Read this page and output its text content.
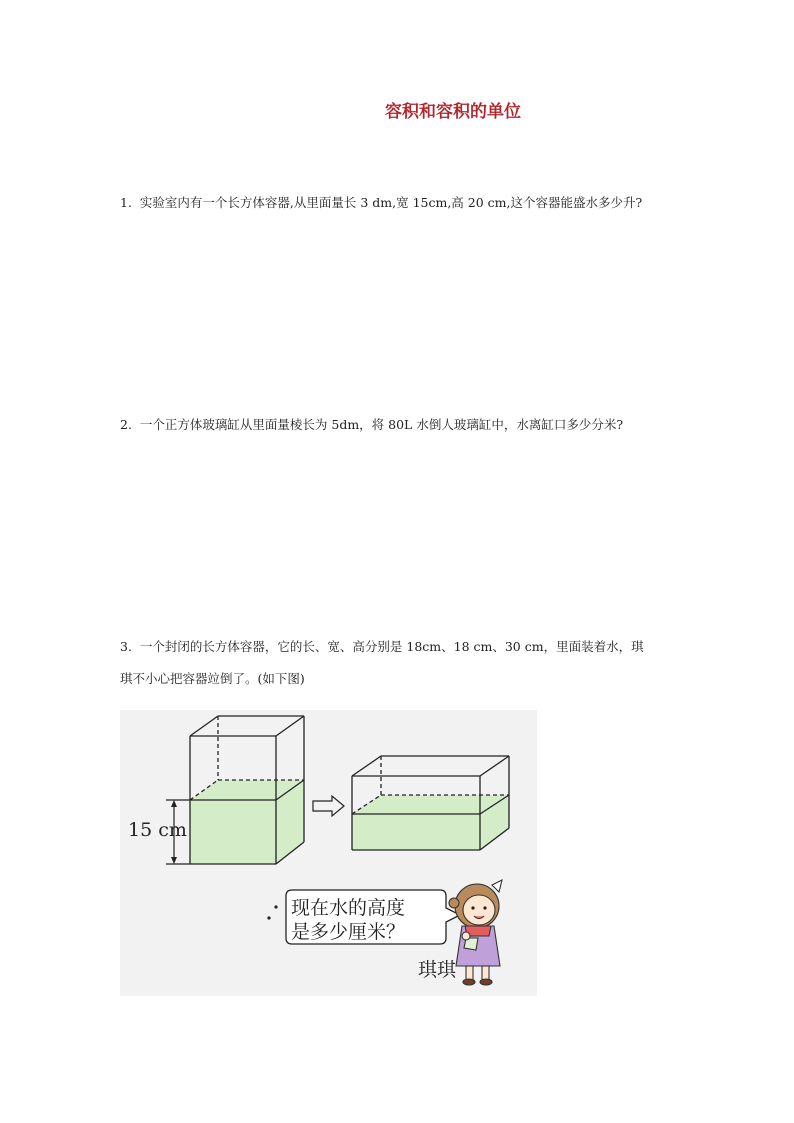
容积和容积的单位
1. 实验室内有一个长方体容器,从里面量长 3 dm,宽 15cm,高 20 cm,这个容器能盛水多少升?
2. 一个正方体玻璃缸从里面量棱长为 5dm，将 80L 水倒人玻璃缸中，水离缸口多少分米?
3. 一个封闭的长方体容器，它的长、宽、高分别是 18cm、18 cm、30 cm，里面装着水，琪
琪不小心把容器竝倒了。(如下图)
15 cm
现在水的高度
是多少厘米？
琪琪
